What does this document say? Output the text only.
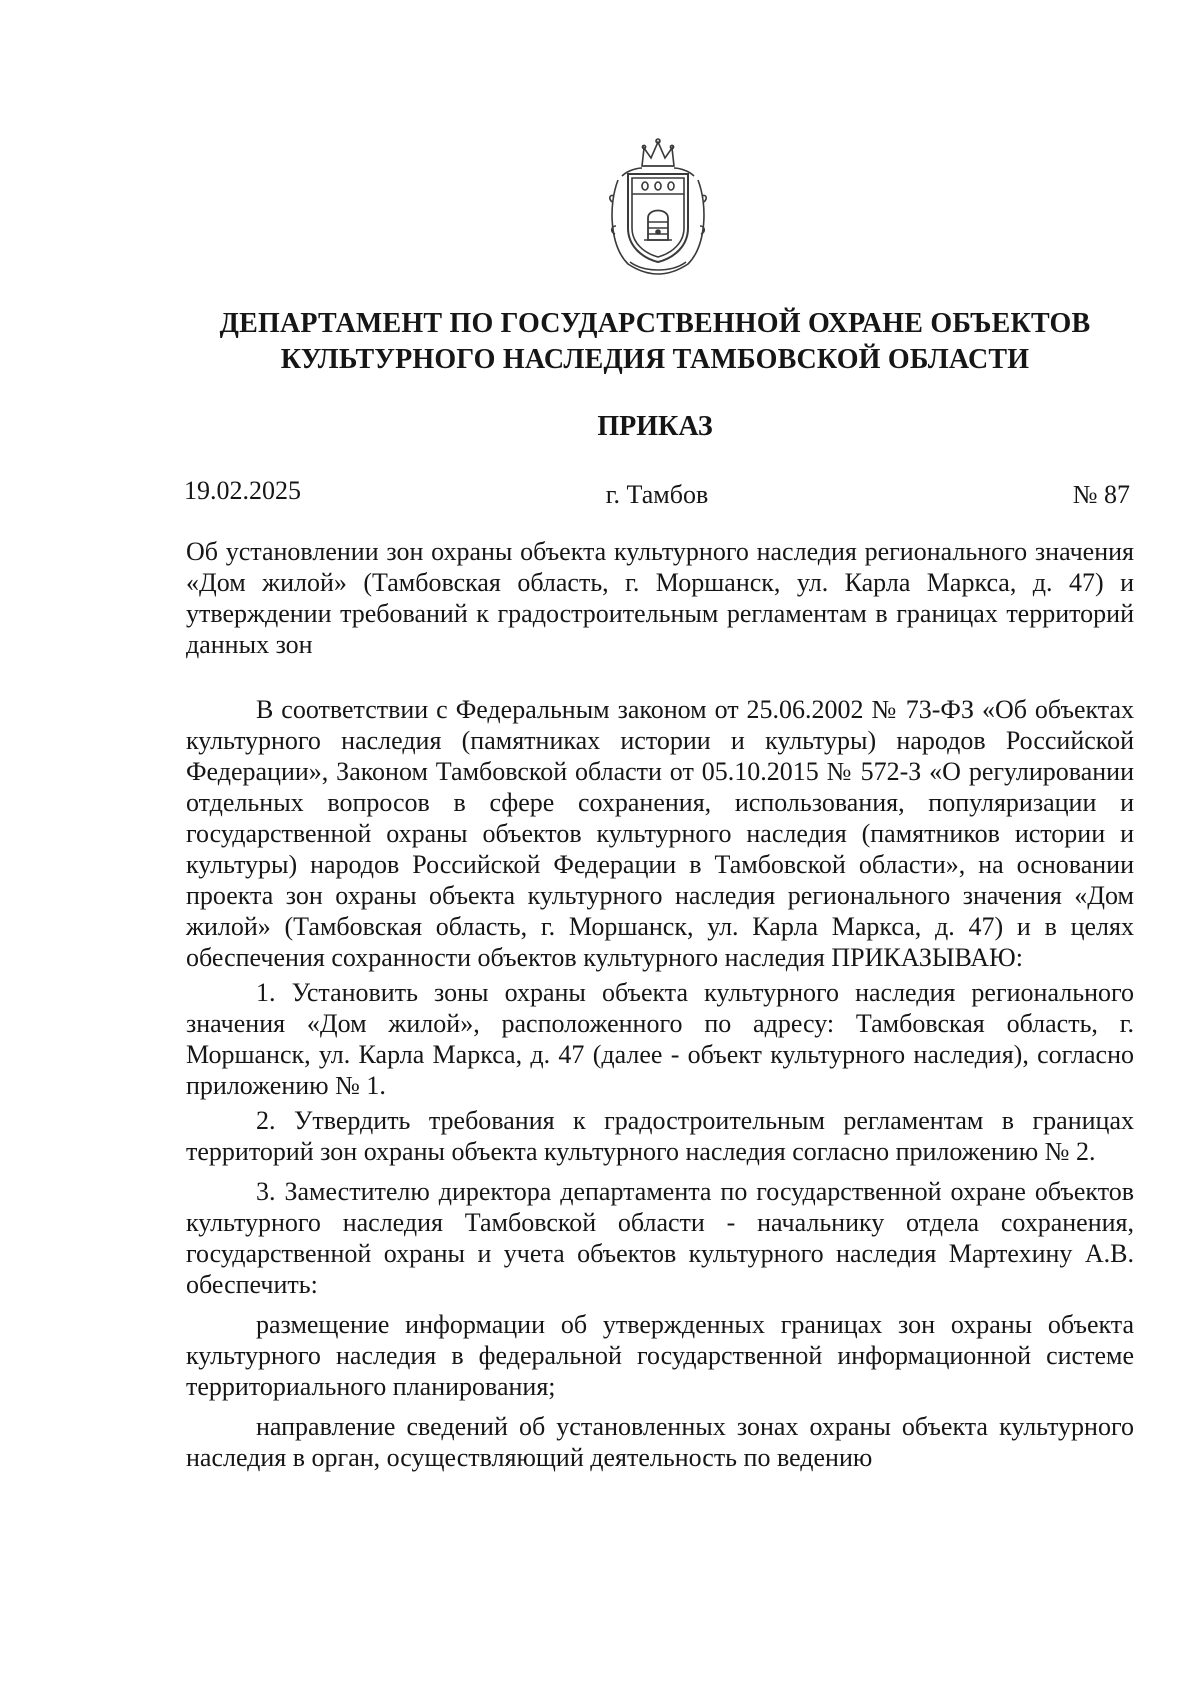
ДЕПАРТАМЕНТ ПО ГОСУДАРСТВЕННОЙ ОХРАНЕ ОБЪЕКТОВ
КУЛЬТУРНОГО НАСЛЕДИЯ ТАМБОВСКОЙ ОБЛАСТИ
ПРИКАЗ
19.02.2025	г. Тамбов	№ 87
Об установлении зон охраны объекта культурного наследия регионального значения «Дом жилой» (Тамбовская область, г. Моршанск, ул. Карла Маркса, д. 47) и утверждении требований к градостроительным регламентам в границах территорий данных зон

В соответствии с Федеральным законом от 25.06.2002 № 73-ФЗ «Об объектах культурного наследия (памятниках истории и культуры) народов Российской Федерации», Законом Тамбовской области от 05.10.2015 № 572-З «О регулировании отдельных вопросов в сфере сохранения, использования, популяризации и государственной охраны объектов культурного наследия (памятников истории и культуры) народов Российской Федерации в Тамбовской области», на основании проекта зон охраны объекта культурного наследия регионального значения «Дом жилой» (Тамбовская область, г. Моршанск, ул. Карла Маркса, д. 47) и в целях обеспечения сохранности объектов культурного наследия ПРИКАЗЫВАЮ:

1. Установить зоны охраны объекта культурного наследия регионального значения «Дом жилой», расположенного по адресу: Тамбовская область, г. Моршанск, ул. Карла Маркса, д. 47 (далее - объект культурного наследия), согласно приложению № 1.

2. Утвердить требования к градостроительным регламентам в границах территорий зон охраны объекта культурного наследия согласно приложению № 2.

3. Заместителю директора департамента по государственной охране объектов культурного наследия Тамбовской области - начальнику отдела сохранения, государственной охраны и учета объектов культурного наследия Мартехину А.В. обеспечить:

размещение информации об утвержденных границах зон охраны объекта культурного наследия в федеральной государственной информационной системе территориального планирования;

направление сведений об установленных зонах охраны объекта культурного наследия в орган, осуществляющий деятельность по ведению
